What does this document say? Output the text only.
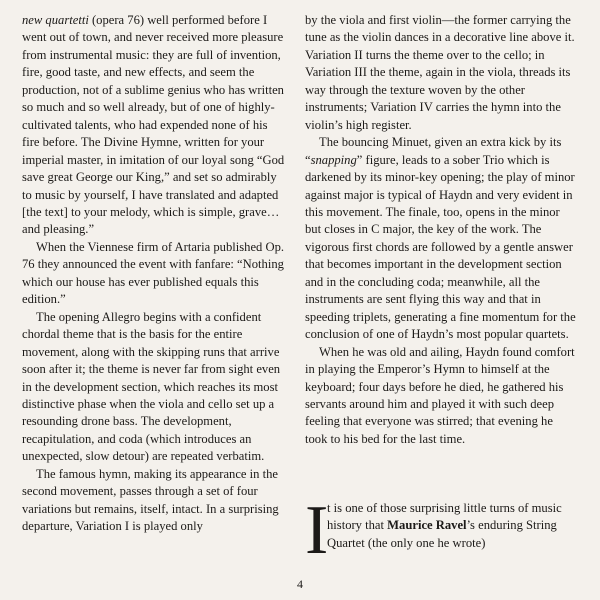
new quartetti (opera 76) well performed before I went out of town, and never received more pleasure from instrumental music: they are full of invention, fire, good taste, and new effects, and seem the production, not of a sublime genius who has written so much and so well already, but of one of highly-cultivated talents, who had expended none of his fire before. The Divine Hymne, written for your imperial master, in imitation of our loyal song “God save great George our King,” and set so admirably to music by yourself, I have translated and adapted [the text] to your melody, which is simple, grave…and pleasing.”

When the Viennese firm of Artaria published Op. 76 they announced the event with fanfare: “Nothing which our house has ever published equals this edition.”

The opening Allegro begins with a confident chordal theme that is the basis for the entire movement, along with the skipping runs that arrive soon after it; the theme is never far from sight even in the development section, which reaches its most distinctive phase when the viola and cello set up a resounding drone bass. The development, recapitulation, and coda (which introduces an unexpected, slow detour) are repeated verbatim.

The famous hymn, making its appearance in the second movement, passes through a set of four variations but remains, itself, intact. In a surprising departure, Variation I is played only

by the viola and first violin—the former carrying the tune as the violin dances in a decorative line above it. Variation II turns the theme over to the cello; in Variation III the theme, again in the viola, threads its way through the texture woven by the other instruments; Variation IV carries the hymn into the violin’s high register.

The bouncing Minuet, given an extra kick by its “snapping” figure, leads to a sober Trio which is darkened by its minor-key opening; the play of minor against major is typical of Haydn and very evident in this movement. The finale, too, opens in the minor but closes in C major, the key of the work. The vigorous first chords are followed by a gentle answer that becomes important in the development section and in the concluding coda; meanwhile, all the instruments are sent flying this way and that in speeding triplets, generating a fine momentum for the conclusion of one of Haydn’s most popular quartets.

When he was old and ailing, Haydn found comfort in playing the Emperor’s Hymn to himself at the keyboard; four days before he died, he gathered his servants around him and played it with such deep feeling that everyone was stirred; that evening he took to his bed for the last time.

I
t is one of those surprising little turns of music history that Maurice Ravel’s enduring String Quartet (the only one he wrote)
4
